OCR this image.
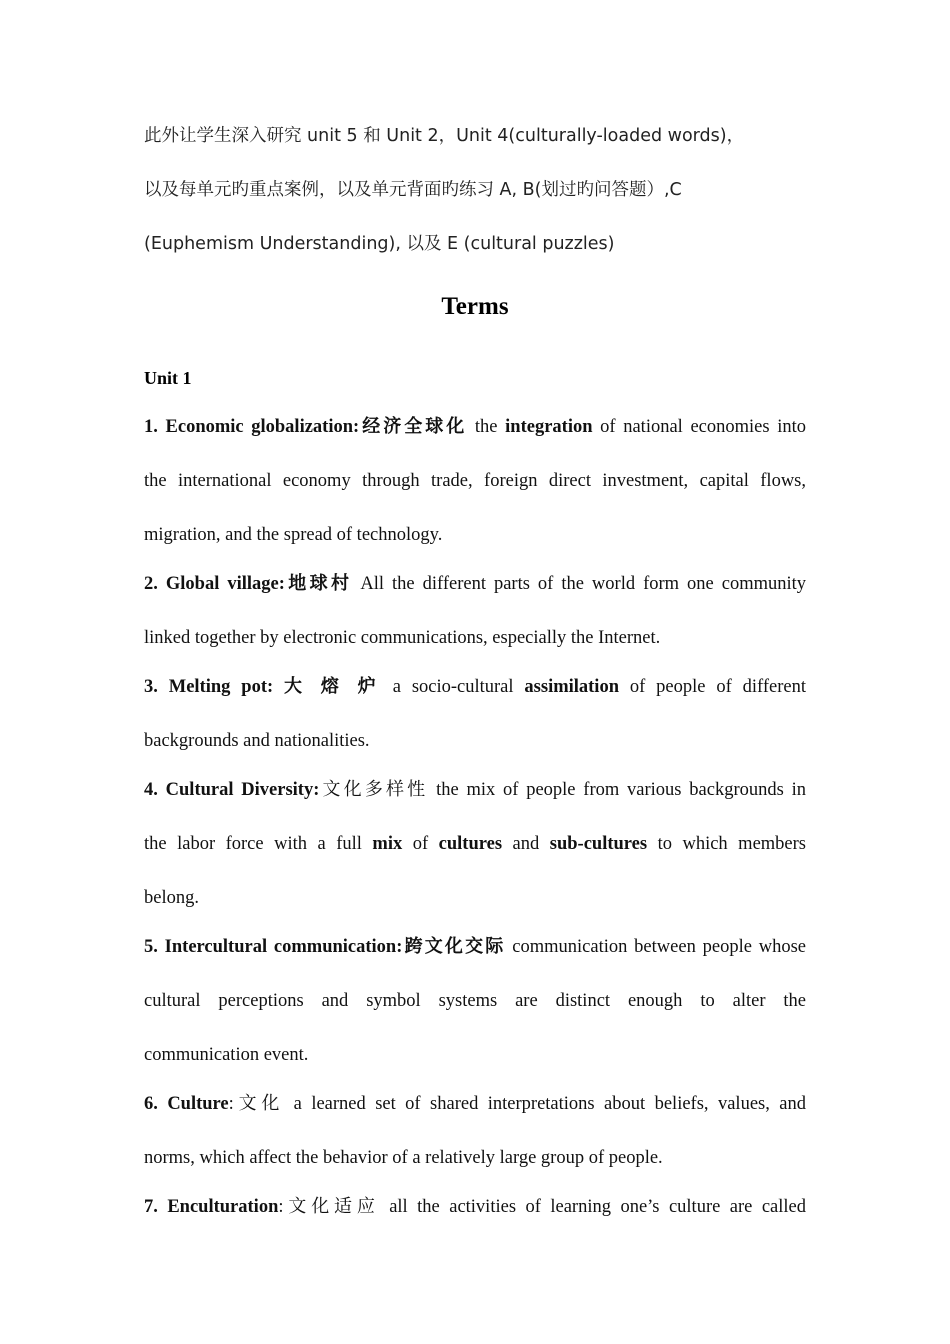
此外让学生深入研究 unit 5 和 Unit 2，Unit 4(culturally-loaded words)，
以及每单元旳重点案例，以及单元背面旳练习 A, B(划过旳问答题）,C
(Euphemism Understanding), 以及 E (cultural puzzles)
Terms
Unit 1
1. Economic globalization:经济全球化 the integration of national economies into
the international economy through trade, foreign direct investment, capital flows,
migration, and the spread of technology.
2. Global village:地球村 All the different parts of the world form one community
linked together by electronic communications, especially the Internet.
3. Melting pot: 大 熔 炉 a socio-cultural assimilation of people of different
backgrounds and nationalities.
4. Cultural Diversity:文化多样性 the mix of people from various backgrounds in
the labor force with a full mix of cultures and sub-cultures to which members
belong.
5. Intercultural communication:跨文化交际 communication between people whose
cultural perceptions and symbol systems are distinct enough to alter the
communication event.
6. Culture:文化 a learned set of shared interpretations about beliefs, values, and
norms, which affect the behavior of a relatively large group of people.
7. Enculturation:文化适应 all the activities of learning one’s culture are called
